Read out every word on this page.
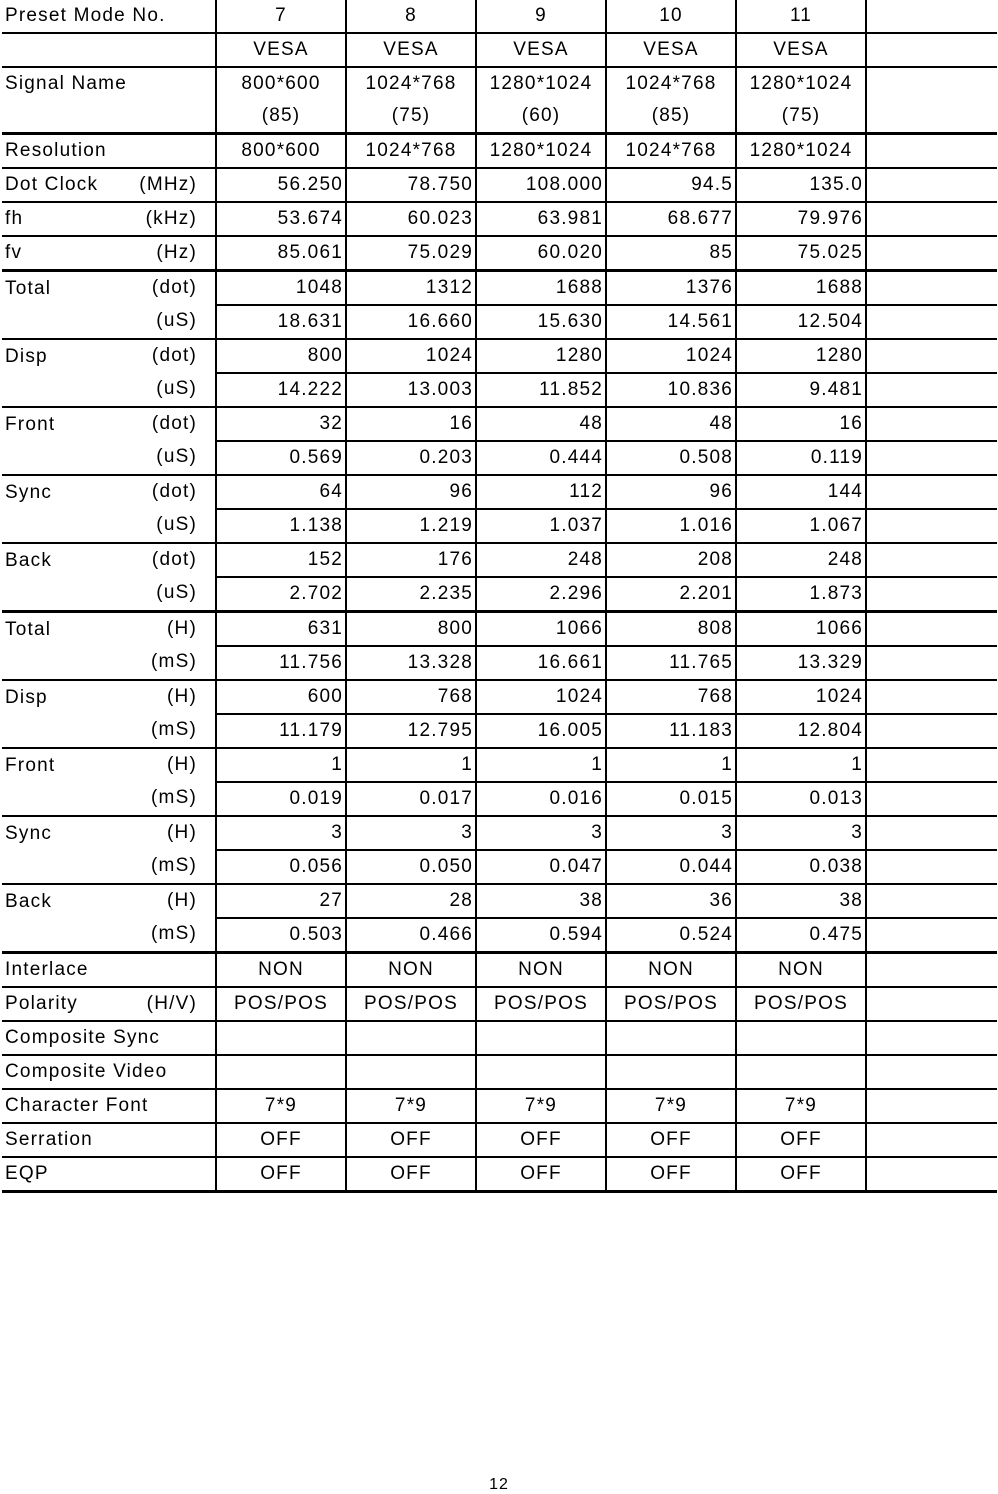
Preset Mode No.	7	8	9	10	11	
	VESA	VESA	VESA	VESA	VESA	
Signal Name	800*600	1024*768	1280*1024	1024*768	1280*1024	
	(85)	(75)	(60)	(85)	(75)	
Resolution	800*600	1024*768	1280*1024	1024*768	1280*1024	
Dot Clock (MHz)	56.250	78.750	108.000	94.5	135.0	
fh (kHz)	53.674	60.023	63.981	68.677	79.976	
fv (Hz)	85.061	75.029	60.020	85	75.025	
Total (dot)	1048	1312	1688	1376	1688	

(uS)	18.631	16.660	15.630	14.561	12.504	
Disp (dot)	800	1024	1280	1024	1280	

(uS)	14.222	13.003	11.852	10.836	9.481	
Front (dot)	32	16	48	48	16	

(uS)	0.569	0.203	0.444	0.508	0.119	
Sync (dot)	64	96	112	96	144	

(uS)	1.138	1.219	1.037	1.016	1.067	
Back (dot)	152	176	248	208	248	

(uS)	2.702	2.235	2.296	2.201	1.873	
Total (H)	631	800	1066	808	1066	

(mS)	11.756	13.328	16.661	11.765	13.329	
Disp (H)	600	768	1024	768	1024	

(mS)	11.179	12.795	16.005	11.183	12.804	
Front (H)	1	1	1	1	1	

(mS)	0.019	0.017	0.016	0.015	0.013	
Sync (H)	3	3	3	3	3	

(mS)	0.056	0.050	0.047	0.044	0.038	
Back (H)	27	28	38	36	38	

(mS)	0.503	0.466	0.594	0.524	0.475	
Interlace	NON	NON	NON	NON	NON	
Polarity (H/V)	POS/POS	POS/POS	POS/POS	POS/POS	POS/POS	
Composite Sync						
Composite Video						
Character Font	7*9	7*9	7*9	7*9	7*9	
Serration	OFF	OFF	OFF	OFF	OFF	
EQP	OFF	OFF	OFF	OFF	OFF	
12
